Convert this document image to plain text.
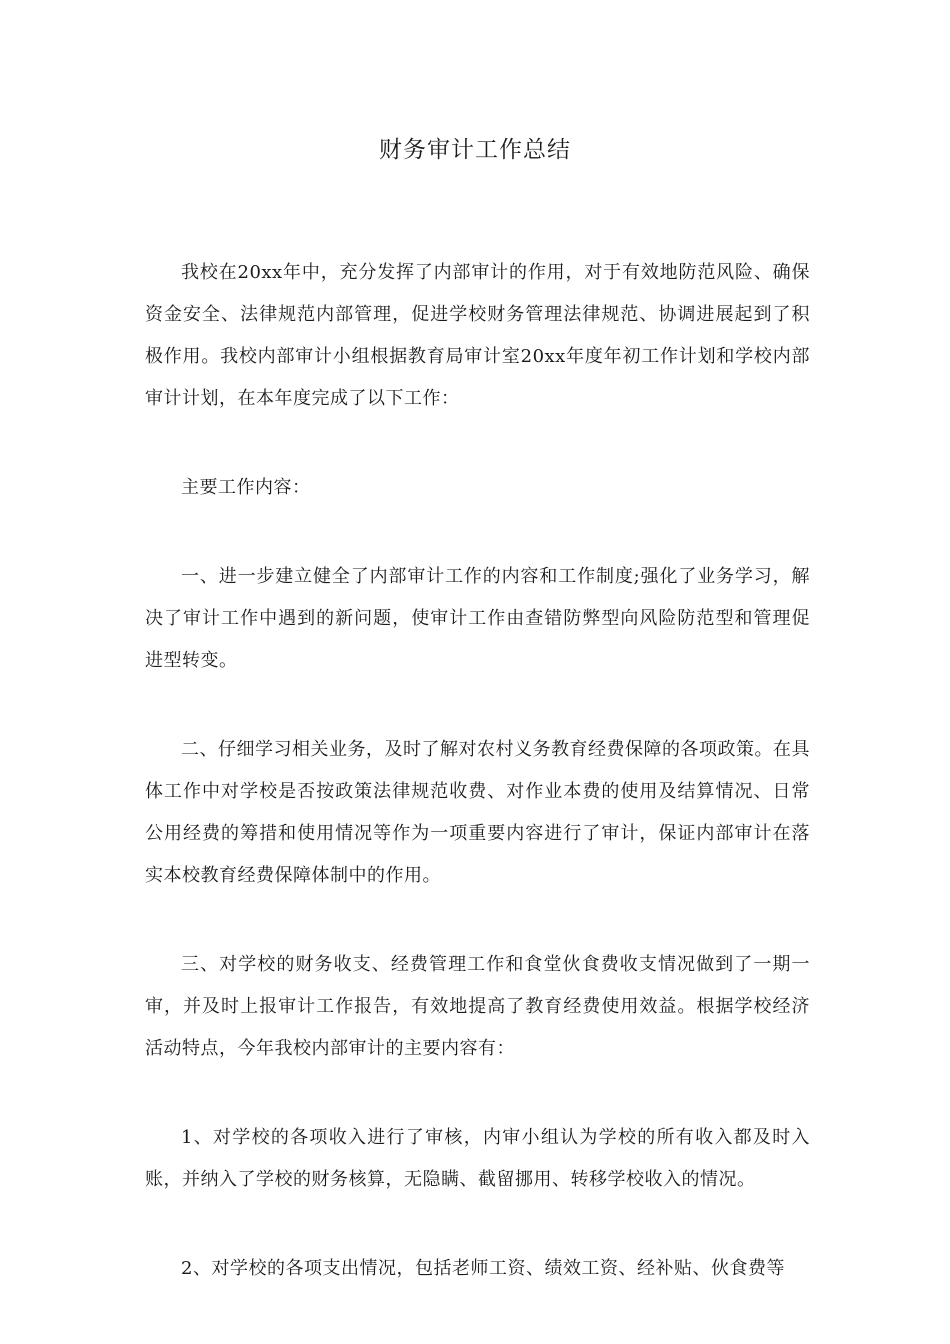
财务审计工作总结

我校在20xx年中，充分发挥了内部审计的作用，对于有效地防范风险、确保资金安全、法律规范内部管理，促进学校财务管理法律规范、协调进展起到了积极作用。我校内部审计小组根据教育局审计室20xx年度年初工作计划和学校内部审计计划，在本年度完成了以下工作：

主要工作内容：

一、进一步建立健全了内部审计工作的内容和工作制度;强化了业务学习，解决了审计工作中遇到的新问题，使审计工作由查错防弊型向风险防范型和管理促进型转变。

二、仔细学习相关业务，及时了解对农村义务教育经费保障的各项政策。在具体工作中对学校是否按政策法律规范收费、对作业本费的使用及结算情况、日常公用经费的筹措和使用情况等作为一项重要内容进行了审计，保证内部审计在落实本校教育经费保障体制中的作用。

三、对学校的财务收支、经费管理工作和食堂伙食费收支情况做到了一期一审，并及时上报审计工作报告，有效地提高了教育经费使用效益。根据学校经济活动特点，今年我校内部审计的主要内容有：

1、对学校的各项收入进行了审核，内审小组认为学校的所有收入都及时入账，并纳入了学校的财务核算，无隐瞒、截留挪用、转移学校收入的情况。

2、对学校的各项支出情况，包括老师工资、绩效工资、经补贴、伙食费等
